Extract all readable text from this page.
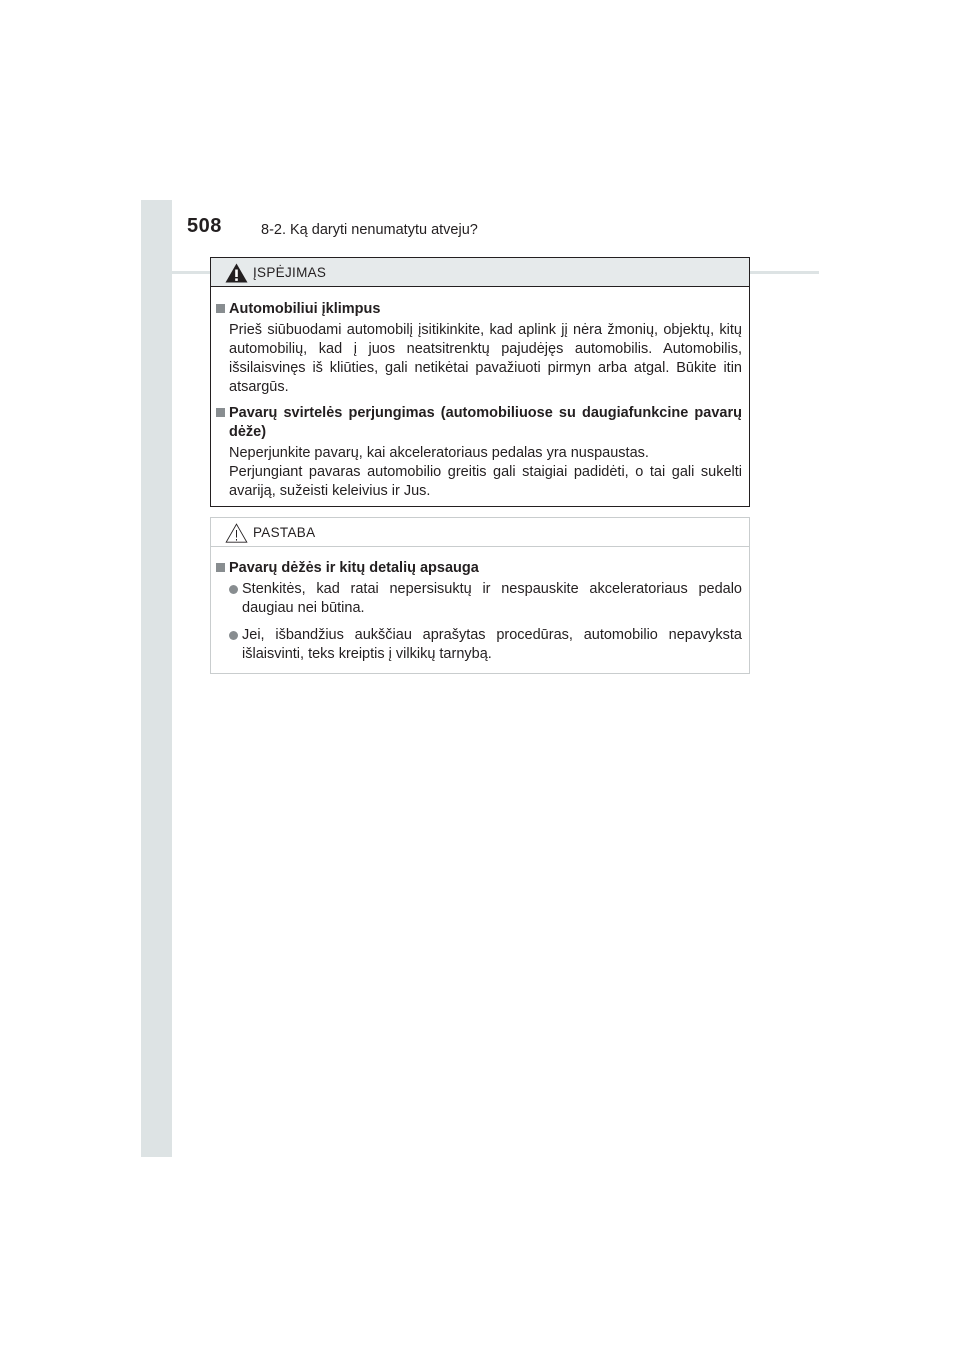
508	8-2. Ką daryti nenumatytu atveju?
ĮSPĖJIMAS

Automobiliui įklimpus

Prieš siūbuodami automobilį įsitikinkite, kad aplink jį nėra žmonių, objektų, kitų automobilių, kad į juos neatsitrenktų pajudėjęs automobilis. Automobilis, išsilaisvinęs iš kliūties, gali netikėtai pavažiuoti pirmyn arba atgal. Būkite itin atsargūs.

Pavarų svirtelės perjungimas (automobiliuose su daugiafunkcine pavarų dėže)

Neperjunkite pavarų, kai akceleratoriaus pedalas yra nuspaustas.

Perjungiant pavaras automobilio greitis gali staigiai padidėti, o tai gali sukelti avariją, sužeisti keleivius ir Jus.

PASTABA

Pavarų dėžės ir kitų detalių apsauga

Stenkitės, kad ratai nepersisuktų ir nespauskite akceleratoriaus pedalo daugiau nei būtina.

Jei, išbandžius aukščiau aprašytas procedūras, automobilio nepavyksta išlaisvinti, teks kreiptis į vilkikų tarnybą.
